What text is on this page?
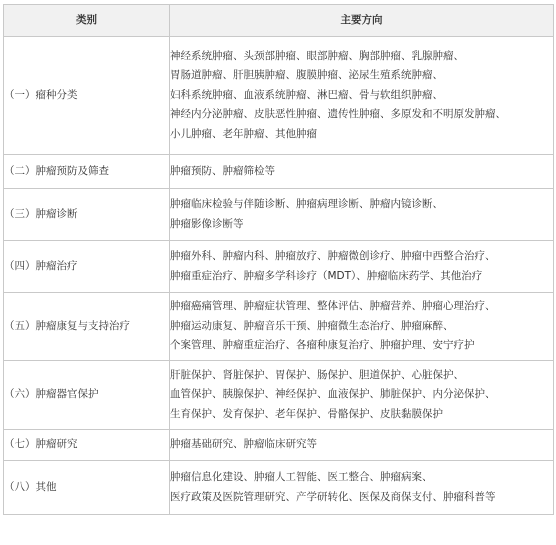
类别	主要方向
（一）瘤种分类	神经系统肿瘤、头颈部肿瘤、眼部肿瘤、胸部肿瘤、乳腺肿瘤、
胃肠道肿瘤、肝胆胰肿瘤、腹膜肿瘤、泌尿生殖系统肿瘤、
妇科系统肿瘤、血液系统肿瘤、淋巴瘤、骨与软组织肿瘤、
神经内分泌肿瘤、皮肤恶性肿瘤、遗传性肿瘤、多原发和不明原发肿瘤、
小儿肿瘤、老年肿瘤、其他肿瘤

（二）肿瘤预防及筛查	肿瘤预防、肿瘤筛检等

（三）肿瘤诊断	肿瘤临床检验与伴随诊断、肿瘤病理诊断、肿瘤内镜诊断、
肿瘤影像诊断等

（四）肿瘤治疗	肿瘤外科、肿瘤内科、肿瘤放疗、肿瘤微创诊疗、肿瘤中西整合治疗、
肿瘤重症治疗、肿瘤多学科诊疗（MDT）、肿瘤临床药学、其他治疗

（五）肿瘤康复与支持治疗	肿瘤癌痛管理、肿瘤症状管理、整体评估、肿瘤营养、肿瘤心理治疗、
肿瘤运动康复、肿瘤音乐干预、肿瘤微生态治疗、肿瘤麻醉、
个案管理、肿瘤重症治疗、各瘤种康复治疗、肿瘤护理、安宁疗护

（六）肿瘤器官保护	肝脏保护、肾脏保护、胃保护、肠保护、胆道保护、心脏保护、
血管保护、胰腺保护、神经保护、血液保护、肺脏保护、内分泌保护、
生育保护、发育保护、老年保护、骨骼保护、皮肤黏膜保护

（七）肿瘤研究	肿瘤基础研究、肿瘤临床研究等

（八）其他	肿瘤信息化建设、肿瘤人工智能、医工整合、肿瘤病案、
医疗政策及医院管理研究、产学研转化、医保及商保支付、肿瘤科普等
